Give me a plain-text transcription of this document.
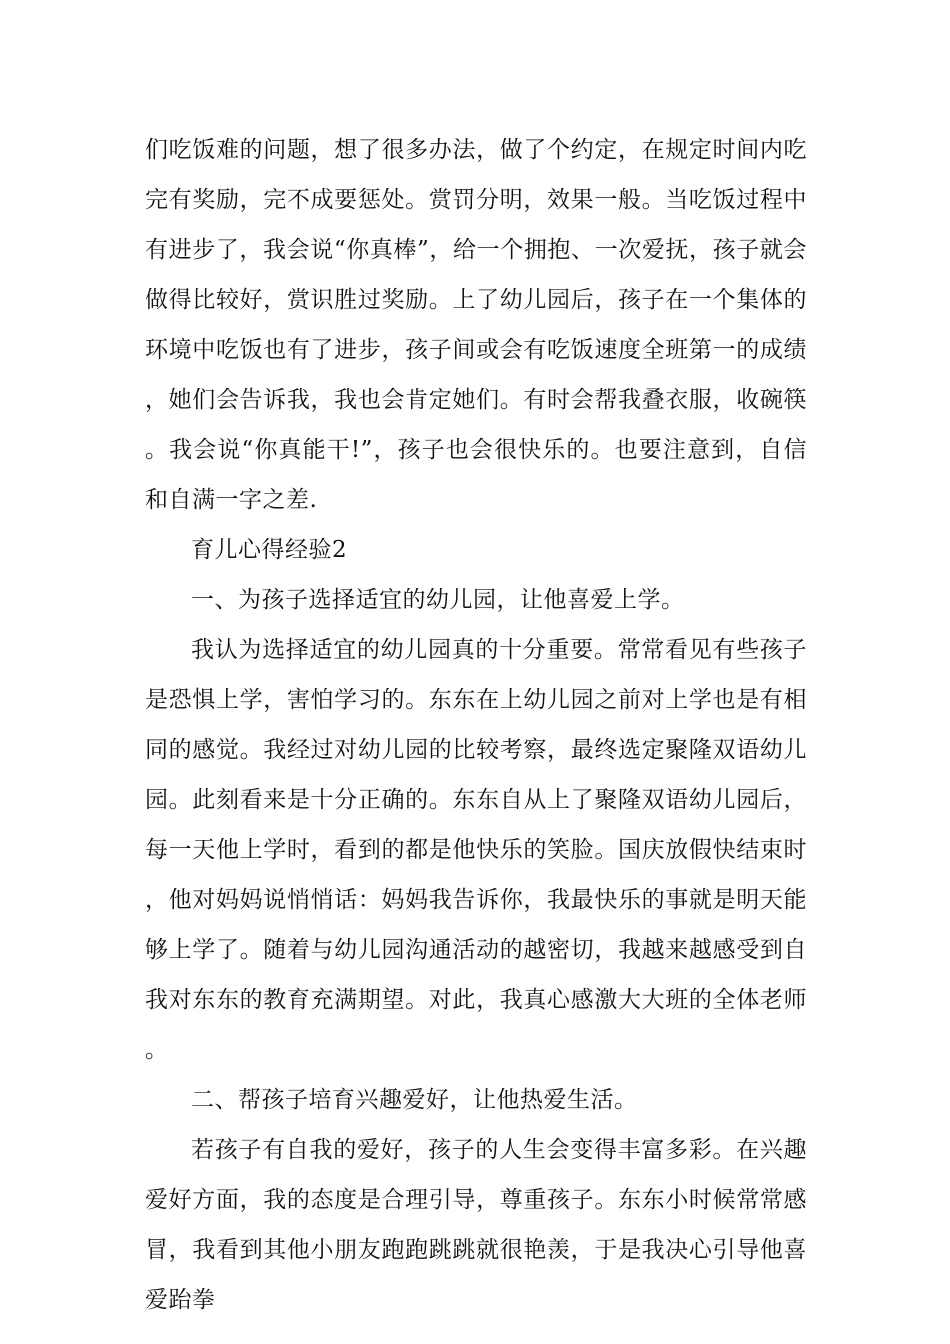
们吃饭难的问题，想了很多办法，做了个约定，在规定时间内吃完有奖励，完不成要惩处。赏罚分明，效果一般。当吃饭过程中有进步了，我会说“你真棒”，给一个拥抱、一次爱抚，孩子就会做得比较好，赏识胜过奖励。上了幼儿园后，孩子在一个集体的环境中吃饭也有了进步，孩子间或会有吃饭速度全班第一的成绩，她们会告诉我，我也会肯定她们。有时会帮我叠衣服，收碗筷。我会说“你真能干!”，孩子也会很快乐的。也要注意到，自信和自满一字之差.

育儿心得经验2

一、为孩子选择适宜的幼儿园，让他喜爱上学。

我认为选择适宜的幼儿园真的十分重要。常常看见有些孩子是恐惧上学，害怕学习的。东东在上幼儿园之前对上学也是有相同的感觉。我经过对幼儿园的比较考察，最终选定聚隆双语幼儿园。此刻看来是十分正确的。东东自从上了聚隆双语幼儿园后，每一天他上学时，看到的都是他快乐的笑脸。国庆放假快结束时，他对妈妈说悄悄话：妈妈我告诉你，我最快乐的事就是明天能够上学了。随着与幼儿园沟通活动的越密切，我越来越感受到自我对东东的教育充满期望。对此，我真心感激大大班的全体老师。

二、帮孩子培育兴趣爱好，让他热爱生活。

若孩子有自我的爱好，孩子的人生会变得丰富多彩。在兴趣爱好方面，我的态度是合理引导，尊重孩子。东东小时候常常感冒，我看到其他小朋友跑跑跳跳就很艳羡，于是我决心引导他喜爱跆拳
